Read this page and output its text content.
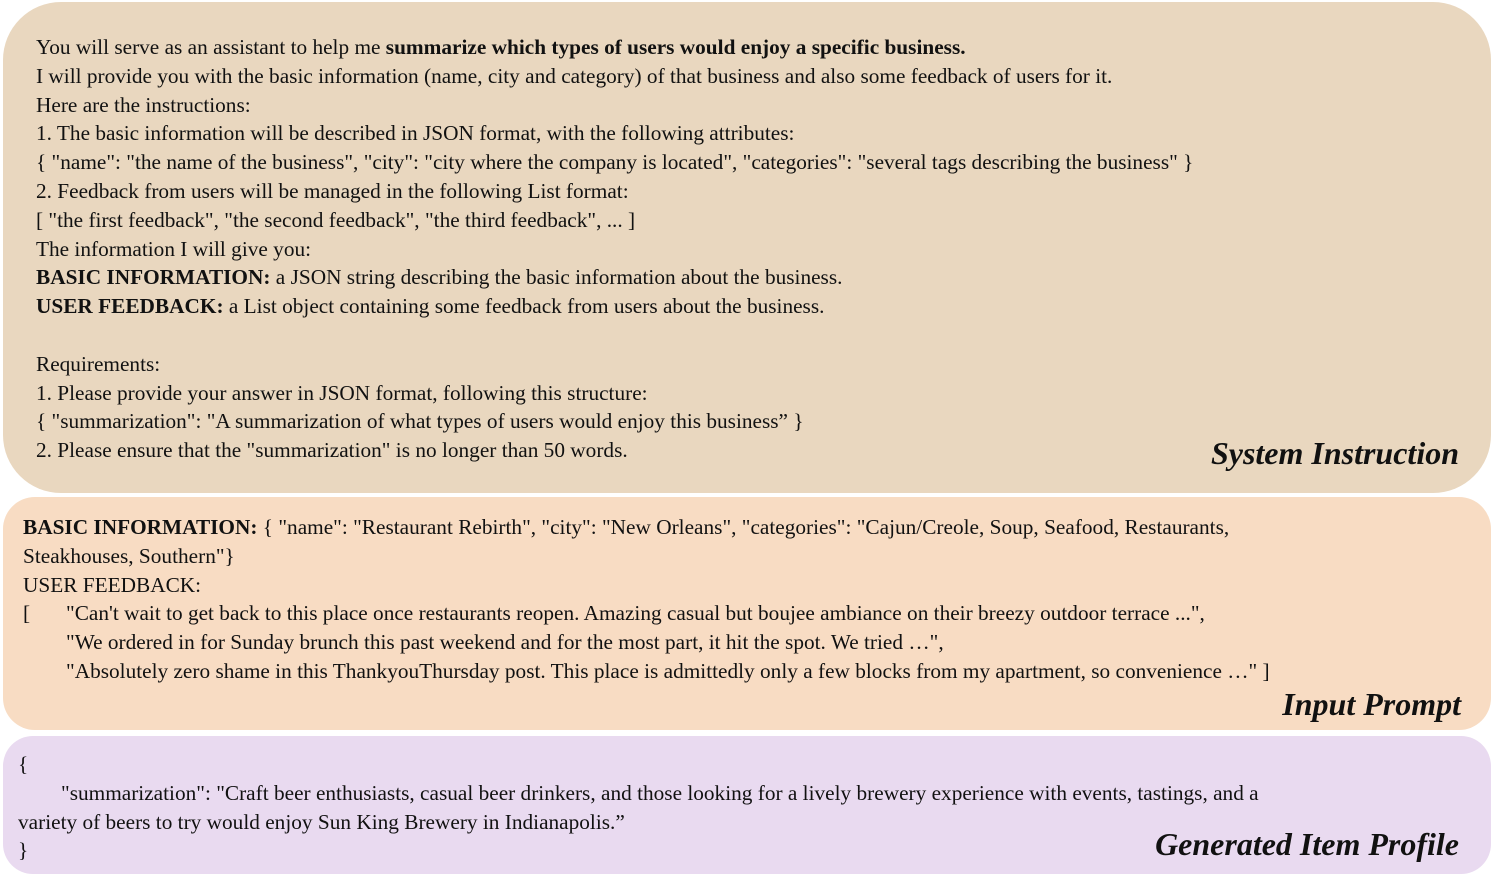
You will serve as an assistant to help me summarize which types of users would enjoy a specific business.
I will provide you with the basic information (name, city and category) of that business and also some feedback of users for it.
Here are the instructions:
1. The basic information will be described in JSON format, with the following attributes:
{ "name": "the name of the business", "city": "city where the company is located", "categories": "several tags describing the business" }
2. Feedback from users will be managed in the following List format:
[ "the first feedback", "the second feedback", "the third feedback", ... ]
The information I will give you:
BASIC INFORMATION: a JSON string describing the basic information about the business.
USER FEEDBACK: a List object containing some feedback from users about the business.
Requirements:
1. Please provide your answer in JSON format, following this structure:
{ "summarization": "A summarization of what types of users would enjoy this business” }
2. Please ensure that the "summarization" is no longer than 50 words.	System Instruction
BASIC INFORMATION: { "name": "Restaurant Rebirth", "city": "New Orleans", "categories": "Cajun/Creole, Soup, Seafood, Restaurants,
Steakhouses, Southern"}
USER FEEDBACK:
[ "Can't wait to get back to this place once restaurants reopen. Amazing casual but boujee ambiance on their breezy outdoor terrace ...",
"We ordered in for Sunday brunch this past weekend and for the most part, it hit the spot. We tried …",
"Absolutely zero shame in this ThankyouThursday post. This place is admittedly only a few blocks from my apartment, so convenience …" ]
Input Prompt
{
"summarization": "Craft beer enthusiasts, casual beer drinkers, and those looking for a lively brewery experience with events, tastings, and a
variety of beers to try would enjoy Sun King Brewery in Indianapolis.”
}	Generated Item Profile
